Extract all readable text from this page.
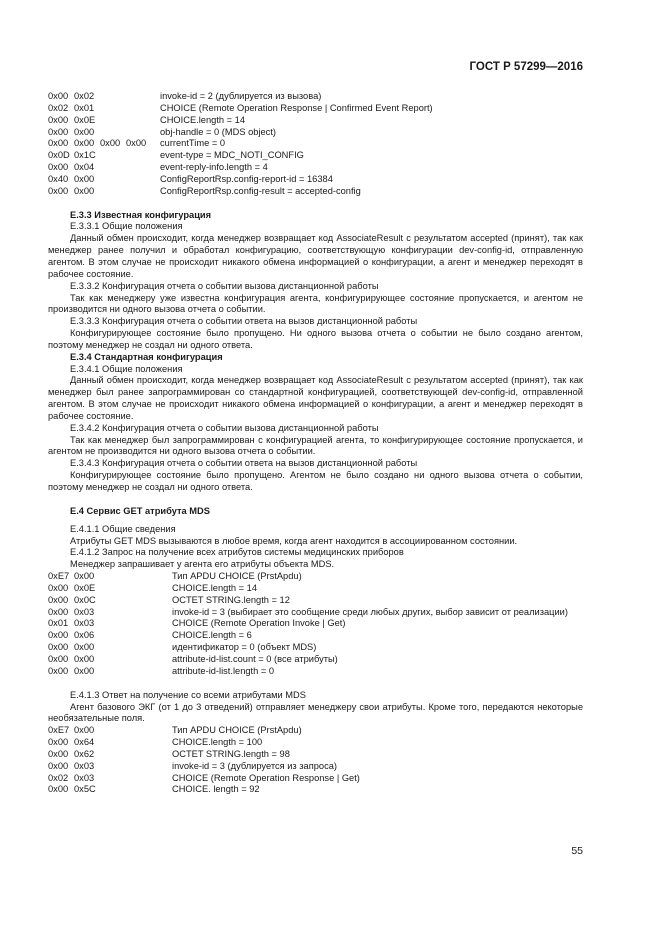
ГОСТ Р 57299—2016
0x00	0x02			invoke-id = 2 (дублируется из вызова)
0x02	0x01			CHOICE (Remote Operation Response | Confirmed Event Report)
0x00	0x0E			CHOICE.length = 14
0x00	0x00			obj-handle = 0 (MDS object)
0x00	0x00	0x00	0x00	currentTime = 0
0x0D	0x1C			event-type = MDC_NOTI_CONFIG
0x00	0x04			event-reply-info.length = 4
0x40	0x00			ConfigReportRsp.config-report-id = 16384
0x00	0x00			ConfigReportRsp.config-result = accepted-config
Е.3.3 Известная конфигурация
Е.3.3.1 Общие положения
Данный обмен происходит, когда менеджер возвращает код AssociateResult с результатом accepted (принят), так как менеджер ранее получил и обработал конфигурацию, соответствующую конфигурации dev-config-id, отправленную агентом. В этом случае не происходит никакого обмена информацией о конфигурации, а агент и менеджер переходят в рабочее состояние.
Е.3.3.2 Конфигурация отчета о событии вызова дистанционной работы
Так как менеджеру уже известна конфигурация агента, конфигурирующее состояние пропускается, и агентом не производится ни одного вызова отчета о событии.
Е.3.3.3 Конфигурация отчета о событии ответа на вызов дистанционной работы
Конфигурирующее состояние было пропущено. Ни одного вызова отчета о событии не было создано агентом, поэтому менеджер не создал ни одного ответа.
Е.3.4 Стандартная конфигурация
Е.3.4.1 Общие положения
Данный обмен происходит, когда менеджер возвращает код AssociateResult с результатом accepted (принят), так как менеджер был ранее запрограммирован со стандартной конфигурацией, соответствующей dev-config-id, отправленной агентом. В этом случае не происходит никакого обмена информацией о конфигурации, а агент и менеджер переходят в рабочее состояние.
Е.3.4.2 Конфигурация отчета о событии вызова дистанционной работы
Так как менеджер был запрограммирован с конфигурацией агента, то конфигурирующее состояние пропускается, и агентом не производится ни одного вызова отчета о событии.
Е.3.4.3 Конфигурация отчета о событии ответа на вызов дистанционной работы
Конфигурирующее состояние было пропущено. Агентом не было создано ни одного вызова отчета о событии, поэтому менеджер не создал ни одного ответа.
Е.4 Сервис GET атрибута MDS
Е.4.1.1 Общие сведения
Атрибуты GET MDS вызываются в любое время, когда агент находится в ассоциированном состоянии.
Е.4.1.2 Запрос на получение всех атрибутов системы медицинских приборов
Менеджер запрашивает у агента его атрибуты объекта MDS.
0xE7	0x00	Тип APDU CHOICE (PrstApdu)
0x00	0x0E	CHOICE.length = 14
0x00	0x0C	OCTET STRING.length = 12
0x00	0x03	invoke-id = 3 (выбирает это сообщение среди любых других, выбор зависит от реализации)
0x01	0x03	CHOICE (Remote Operation Invoke | Get)
0x00	0x06	CHOICE.length = 6
0x00	0x00	идентификатор = 0 (объект MDS)
0x00	0x00	attribute-id-list.count = 0 (все атрибуты)
0x00	0x00	attribute-id-list.length = 0
Е.4.1.3 Ответ на получение со всеми атрибутами MDS
Агент базового ЭКГ (от 1 до 3 отведений) отправляет менеджеру свои атрибуты. Кроме того, передаются некоторые необязательные поля.
0xE7	0x00	Тип APDU CHOICE (PrstApdu)
0x00	0x64	CHOICE.length = 100
0x00	0x62	OCTET STRING.length = 98
0x00	0x03	invoke-id = 3 (дублируется из запроса)
0x02	0x03	CHOICE (Remote Operation Response | Get)
0x00	0x5C	CHOICE. length = 92
55
